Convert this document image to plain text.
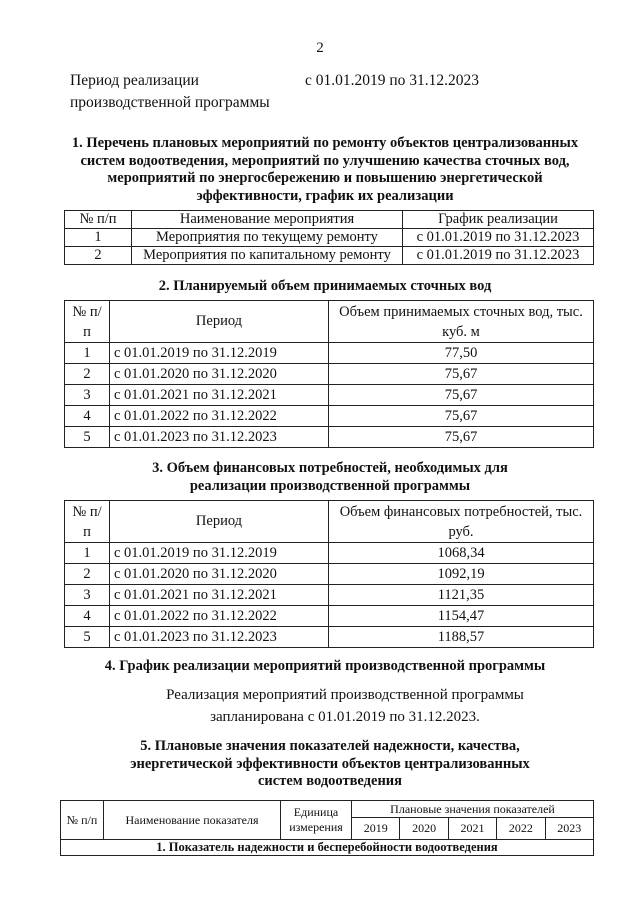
2
Период реализации
производственной программы
с 01.01.2019 по 31.12.2023
1. Перечень плановых мероприятий по ремонту объектов централизованных систем водоотведения, мероприятий по улучшению качества сточных вод, мероприятий по энергосбережению и повышению энергетической эффективности, график их реализации
№ п/п	Наименование мероприятия	График реализации
1	Мероприятия по текущему ремонту	с 01.01.2019 по 31.12.2023
2	Мероприятия по капитальному ремонту	с 01.01.2019 по 31.12.2023
2. Планируемый объем принимаемых сточных вод
№ п/п	Период	Объем принимаемых сточных вод, тыс. куб. м
1	с 01.01.2019 по 31.12.2019	77,50
2	с 01.01.2020 по 31.12.2020	75,67
3	с 01.01.2021 по 31.12.2021	75,67
4	с 01.01.2022 по 31.12.2022	75,67
5	с 01.01.2023 по 31.12.2023	75,67
3. Объем финансовых потребностей, необходимых для реализации производственной программы
№ п/п	Период	Объем финансовых потребностей, тыс. руб.
1	с 01.01.2019 по 31.12.2019	1068,34
2	с 01.01.2020 по 31.12.2020	1092,19
3	с 01.01.2021 по 31.12.2021	1121,35
4	с 01.01.2022 по 31.12.2022	1154,47
5	с 01.01.2023 по 31.12.2023	1188,57
4. График реализации мероприятий производственной программы
Реализация мероприятий производственной программы
запланирована с 01.01.2019 по 31.12.2023.
5. Плановые значения показателей надежности, качества, энергетической эффективности объектов централизованных систем водоотведения
№ п/п	Наименование показателя	Единица измерения	Плановые значения показателей				
			2019	2020	2021	2022	2023
1. Показатель надежности и бесперебойности водоотведения							
